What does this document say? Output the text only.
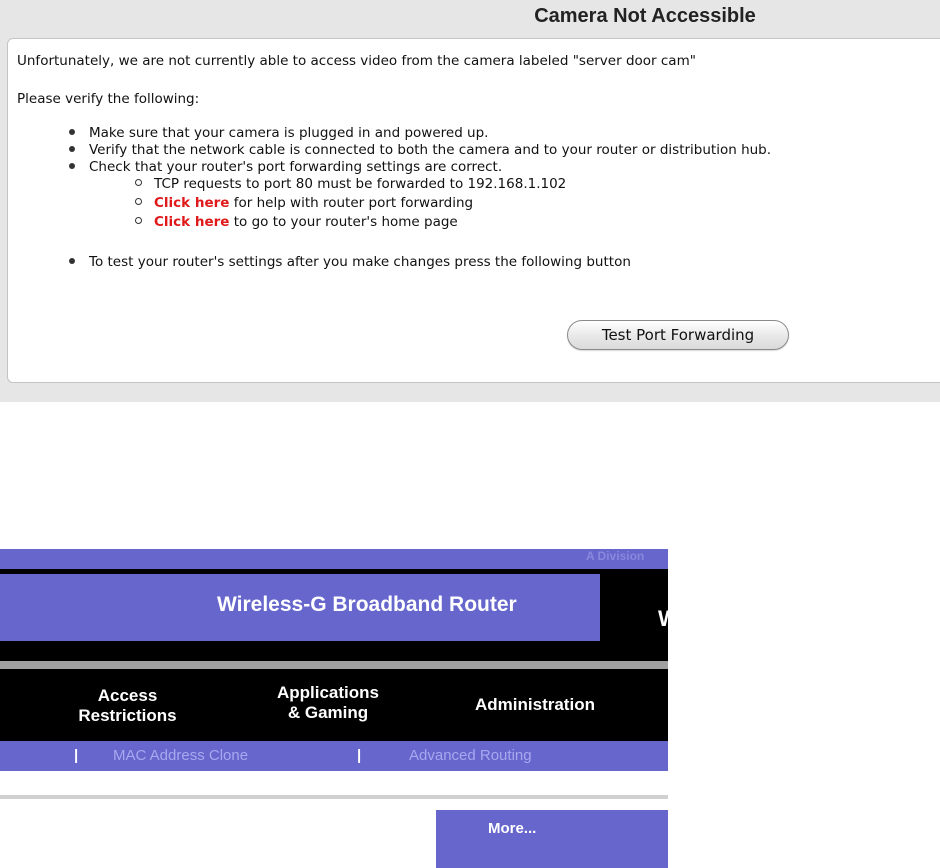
Camera Not Accessible
Unfortunately, we are not currently able to access video from the camera labeled "server door cam"
Please verify the following:
Make sure that your camera is plugged in and powered up.
Verify that the network cable is connected to both the camera and to your router or distribution hub.
Check that your router's port forwarding settings are correct.
TCP requests to port 80 must be forwarded to 192.168.1.102
Click here for help with router port forwarding
Click here to go to your router's home page
To test your router's settings after you make changes press the following button
Test Port Forwarding
A Division
Wireless-G Broadband Router
W
Access
Restrictions
Applications
& Gaming	Administration
| MAC Address Clone	|	Advanced Routing
More...
